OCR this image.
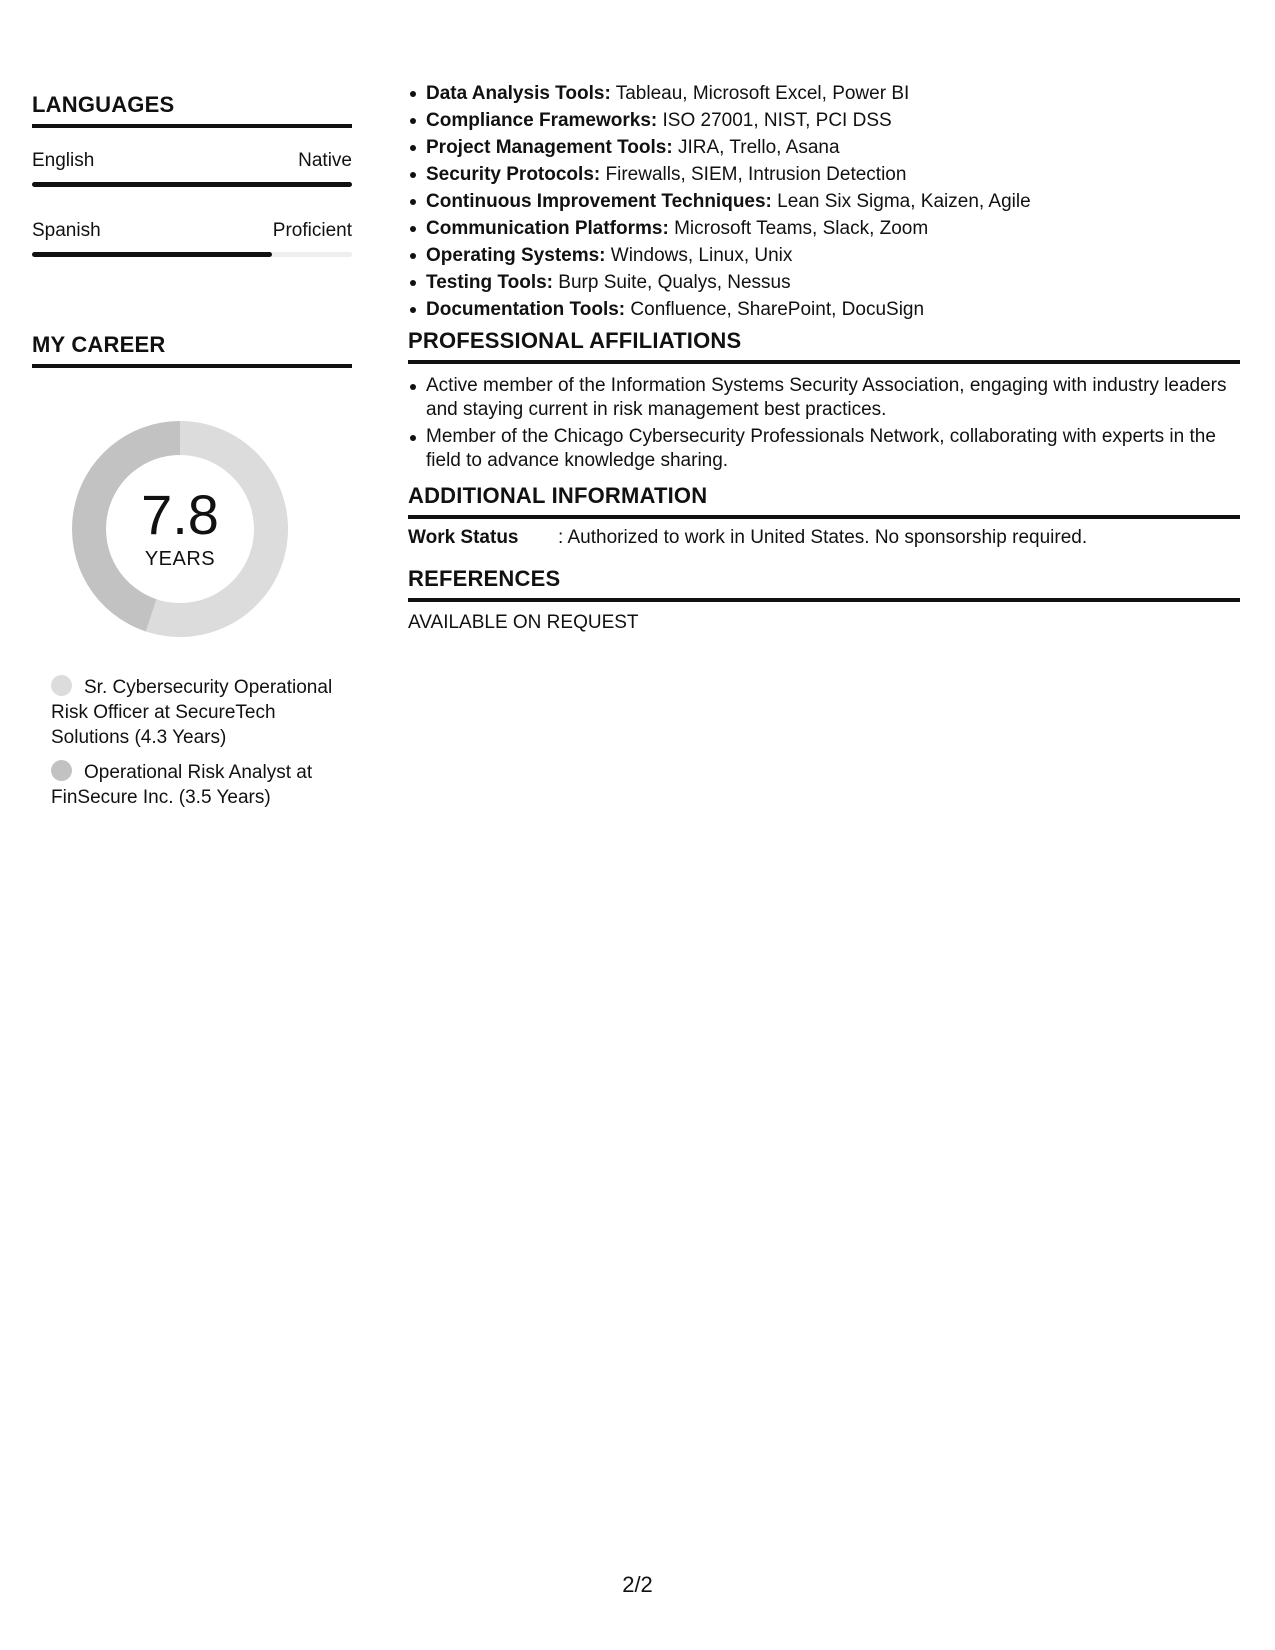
LANGUAGES
English	Native
Spanish	Proficient
MY CAREER
7.8
YEARS
Sr. Cybersecurity Operational Risk Officer at SecureTech Solutions (4.3 Years)
Operational Risk Analyst at FinSecure Inc. (3.5 Years)
Data Analysis Tools: Tableau, Microsoft Excel, Power BI
Compliance Frameworks: ISO 27001, NIST, PCI DSS
Project Management Tools: JIRA, Trello, Asana
Security Protocols: Firewalls, SIEM, Intrusion Detection
Continuous Improvement Techniques: Lean Six Sigma, Kaizen, Agile
Communication Platforms: Microsoft Teams, Slack, Zoom
Operating Systems: Windows, Linux, Unix
Testing Tools: Burp Suite, Qualys, Nessus
Documentation Tools: Confluence, SharePoint, DocuSign
PROFESSIONAL AFFILIATIONS
Active member of the Information Systems Security Association, engaging with industry leaders and staying current in risk management best practices.
Member of the Chicago Cybersecurity Professionals Network, collaborating with experts in the field to advance knowledge sharing.
ADDITIONAL INFORMATION
Work Status	: Authorized to work in United States. No sponsorship required.
REFERENCES
AVAILABLE ON REQUEST
2/2
